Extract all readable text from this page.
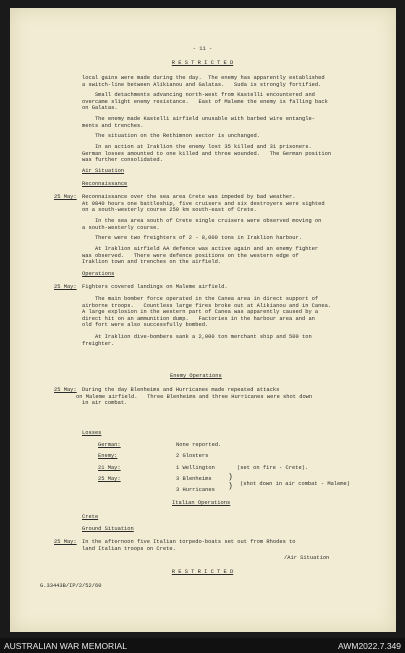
- 11 -
R E S T R I C T E D
local gains were made during the day.  The enemy has apparently established
a switch-line between Alikianou and Galatas.   Suda is strongly fortified.
Small detachments advancing north-west from Kastelli encountered and
overcame slight enemy resistance.   East of Maleme the enemy is falling back
on Galatas.
The enemy made Kastelli airfield unusable with barbed wire entangle-
ments and trenches.
The situation on the Rethimnon sector is unchanged.
In an action at Iraklion the enemy lost 35 killed and 31 prisoners.
German losses amounted to one killed and three wounded.   The German position
was further consolidated.
Air Situation
Reconnaissance
25 May: Reconnaissance over the sea area Crete was impeded by bad weather.
At 0840 hours one battleship, five cruisers and six destroyers were sighted
on a south-westerly course 250 km south-east of Crete.
In the sea area south of Crete single cruisers were observed moving on
a south-westerly course.
There were two freighters of 2 - 8,000 tons in Iraklion harbour.
At Iraklion airfield AA defence was active again and an enemy fighter
was observed.   There were defence positions on the western edge of
Iraklion town and trenches on the airfield.
Operations
25 May: Fighters covered landings on Maleme airfield.
The main bomber force operated in the Canea area in direct support of
airborne troops.   Countless large fires broke out at Alikianou and in Canea.
A large explosion in the western part of Canea was apparently caused by a
direct hit on an ammunition dump.   Factories in the harbour area and an
old fort were also successfully bombed.
At Iraklion dive-bombers sank a 2,000 ton merchant ship and 500 ton
freighter.
Enemy Operations
25 May: During the day Blenheims and Hurricanes made repeated attacks
on Maleme airfield.   Three Blenheims and three Hurricanes were shot down
in air combat.
Losses
German:	None reported.
Enemy:	2 Glosters
21 May:	1 Wellington	(set on fire - Crete).
25 May:	3 Blenheims
3 Hurricanes
)
) (shot down in air combat - Maleme)
Italian Operations
Crete
Ground Situation
25 May: In the afternoon five Italian torpedo-boats set out from Rhodes to
land Italian troops on Crete.
/Air Situation
R E S T R I C T E D
G.33443B/IP/2/52/60
AUSTRALIAN WAR MEMORIAL	AWM2022.7.349
